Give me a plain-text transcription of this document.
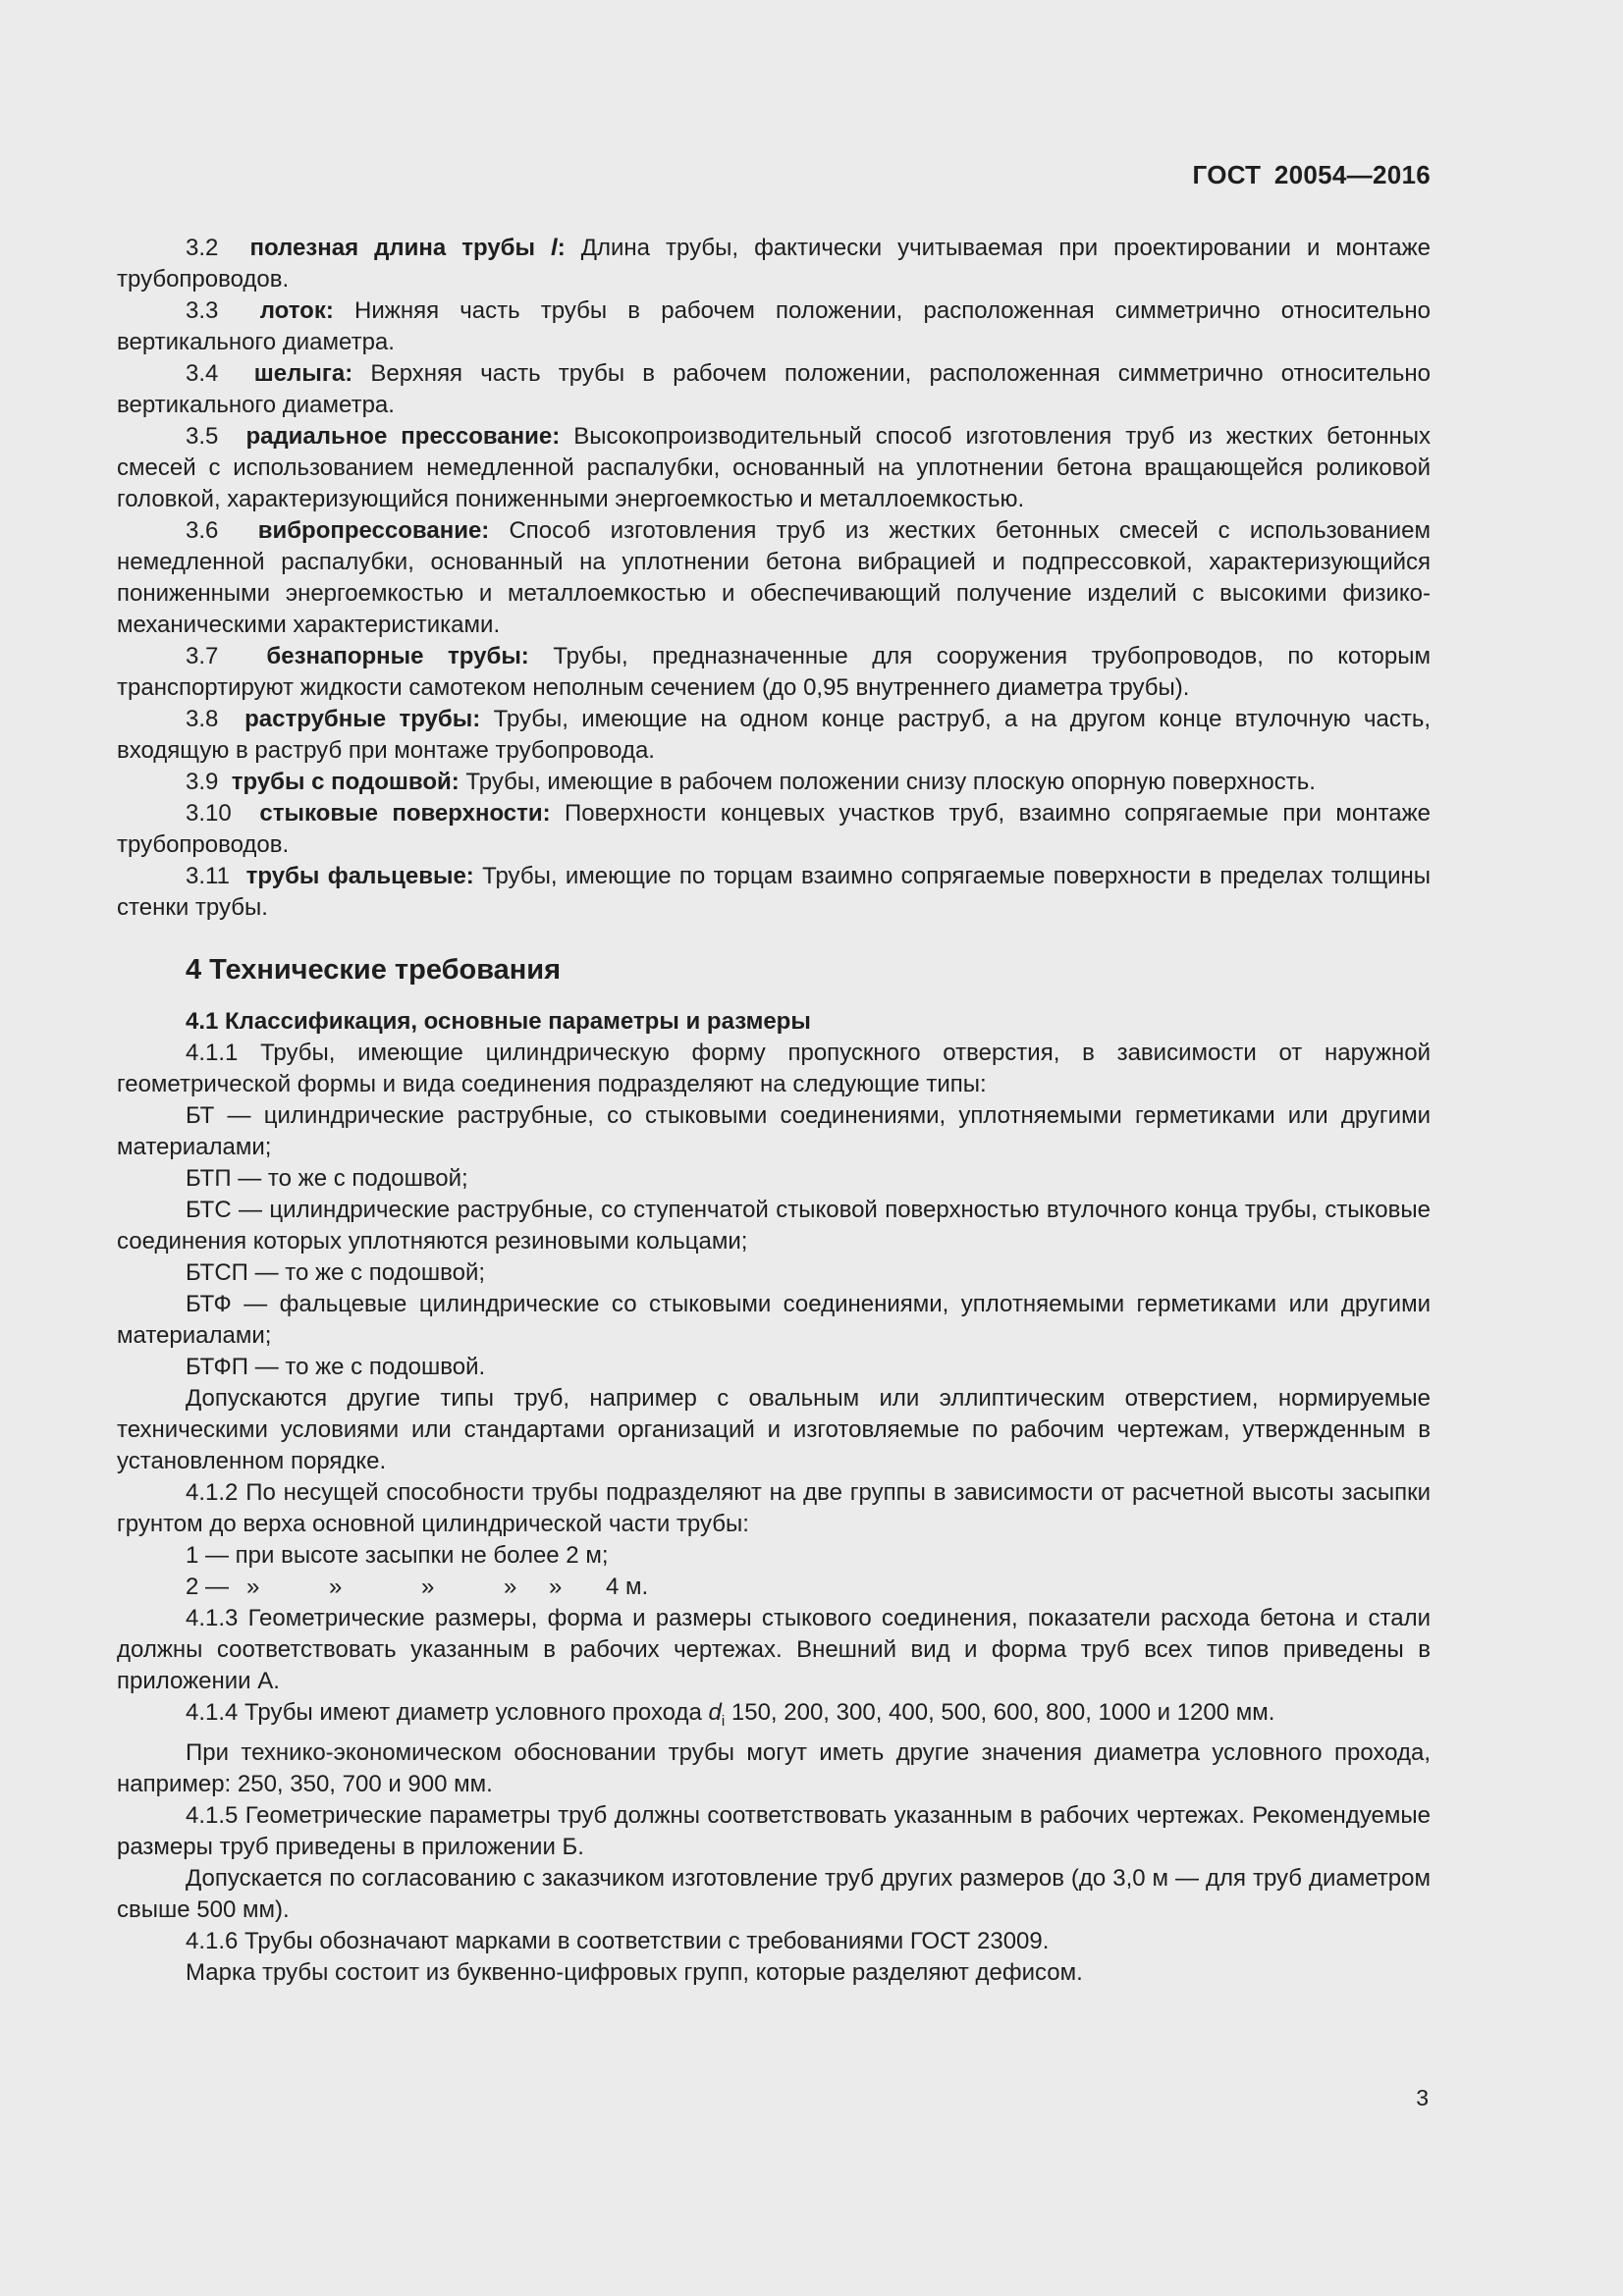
ГОСТ 20054—2016

3.2 полезная длина трубы l: Длина трубы, фактически учитываемая при проектировании и монтаже трубопроводов.

3.3 лоток: Нижняя часть трубы в рабочем положении, расположенная симметрично относительно вертикального диаметра.

3.4 шелыга: Верхняя часть трубы в рабочем положении, расположенная симметрично относительно вертикального диаметра.

3.5 радиальное прессование: Высокопроизводительный способ изготовления труб из жестких бетонных смесей с использованием немедленной распалубки, основанный на уплотнении бетона вращающейся роликовой головкой, характеризующийся пониженными энергоемкостью и металлоемкостью.

3.6 вибропрессование: Способ изготовления труб из жестких бетонных смесей с использованием немедленной распалубки, основанный на уплотнении бетона вибрацией и подпрессовкой, характеризующийся пониженными энергоемкостью и металлоемкостью и обеспечивающий получение изделий с высокими физико-механическими характеристиками.

3.7 безнапорные трубы: Трубы, предназначенные для сооружения трубопроводов, по которым транспортируют жидкости самотеком неполным сечением (до 0,95 внутреннего диаметра трубы).

3.8 раструбные трубы: Трубы, имеющие на одном конце раструб, а на другом конце втулочную часть, входящую в раструб при монтаже трубопровода.

3.9 трубы с подошвой: Трубы, имеющие в рабочем положении снизу плоскую опорную поверхность.

3.10 стыковые поверхности: Поверхности концевых участков труб, взаимно сопрягаемые при монтаже трубопроводов.

3.11 трубы фальцевые: Трубы, имеющие по торцам взаимно сопрягаемые поверхности в пределах толщины стенки трубы.

4 Технические требования
4.1 Классификация, основные параметры и размеры

4.1.1 Трубы, имеющие цилиндрическую форму пропускного отверстия, в зависимости от наружной геометрической формы и вида соединения подразделяют на следующие типы:

БТ — цилиндрические раструбные, со стыковыми соединениями, уплотняемыми герметиками или другими материалами;

БТП — то же с подошвой;

БТС — цилиндрические раструбные, со ступенчатой стыковой поверхностью втулочного конца трубы, стыковые соединения которых уплотняются резиновыми кольцами;

БТСП — то же с подошвой;

БТФ — фальцевые цилиндрические со стыковыми соединениями, уплотняемыми герметиками или другими материалами;

БТФП — то же с подошвой.

Допускаются другие типы труб, например с овальным или эллиптическим отверстием, нормируемые техническими условиями или стандартами организаций и изготовляемые по рабочим чертежам, утвержденным в установленном порядке.

4.1.2 По несущей способности трубы подразделяют на две группы в зависимости от расчетной высоты засыпки грунтом до верха основной цилиндрической части трубы:

1 — при высоте засыпки не более 2 м;

2 — »	»	»	» » 4 м.

4.1.3 Геометрические размеры, форма и размеры стыкового соединения, показатели расхода бетона и стали должны соответствовать указанным в рабочих чертежах. Внешний вид и форма труб всех типов приведены в приложении А.

4.1.4 Трубы имеют диаметр условного прохода $d_i$ 150, 200, 300, 400, 500, 600, 800, 1000 и 1200 мм.

При технико-экономическом обосновании трубы могут иметь другие значения диаметра условного прохода, например: 250, 350, 700 и 900 мм.

4.1.5 Геометрические параметры труб должны соответствовать указанным в рабочих чертежах. Рекомендуемые размеры труб приведены в приложении Б.

Допускается по согласованию с заказчиком изготовление труб других размеров (до 3,0 м — для труб диаметром свыше 500 мм).

4.1.6 Трубы обозначают марками в соответствии с требованиями ГОСТ 23009.

Марка трубы состоит из буквенно-цифровых групп, которые разделяют дефисом.

3
